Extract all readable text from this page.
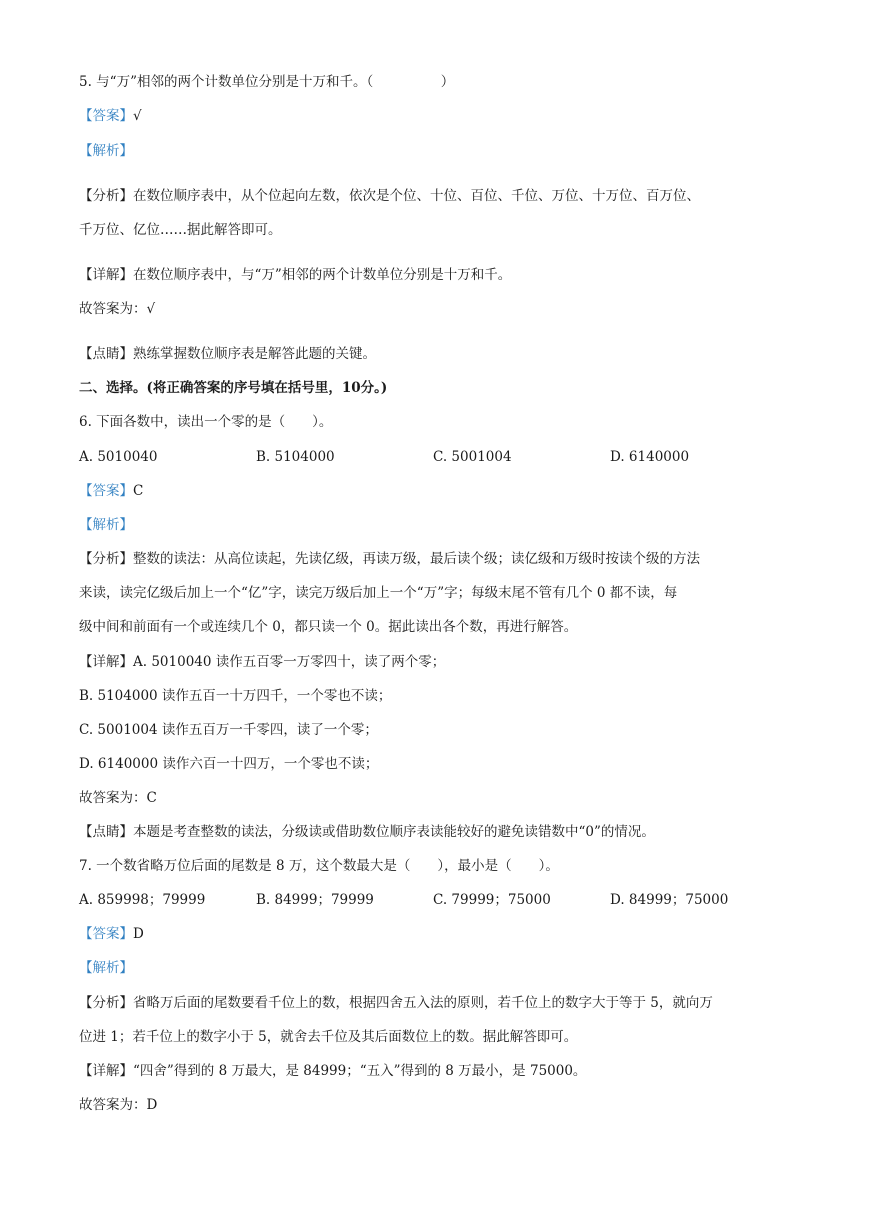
5. 与“万”相邻的两个计数单位分别是十万和千。（　　　　　）
【答案】√
【解析】
【分析】在数位顺序表中，从个位起向左数，依次是个位、十位、百位、千位、万位、十万位、百万位、
千万位、亿位……据此解答即可。
【详解】在数位顺序表中，与“万”相邻的两个计数单位分别是十万和千。
故答案为：√
【点睛】熟练掌握数位顺序表是解答此题的关键。
二、选择。(将正确答案的序号填在括号里，10分。)
6. 下面各数中，读出一个零的是（　　）。
A. 5010040	B. 5104000	C. 5001004	D. 6140000
【答案】C
【解析】
【分析】整数的读法：从高位读起，先读亿级，再读万级，最后读个级；读亿级和万级时按读个级的方法
来读，读完亿级后加上一个“亿”字，读完万级后加上一个“万”字；每级末尾不管有几个 0 都不读，每
级中间和前面有一个或连续几个 0，都只读一个 0。据此读出各个数，再进行解答。
【详解】A. 5010040 读作五百零一万零四十，读了两个零；
B. 5104000 读作五百一十万四千，一个零也不读；
C. 5001004 读作五百万一千零四，读了一个零；
D. 6140000 读作六百一十四万，一个零也不读；
故答案为：C
【点睛】本题是考查整数的读法，分级读或借助数位顺序表读能较好的避免读错数中“0”的情况。
7. 一个数省略万位后面的尾数是 8 万，这个数最大是（　　），最小是（　　）。
A. 859998；79999	B. 84999；79999	C. 79999；75000	D. 84999；75000
【答案】D
【解析】
【分析】省略万后面的尾数要看千位上的数，根据四舍五入法的原则，若千位上的数字大于等于 5，就向万
位进 1；若千位上的数字小于 5，就舍去千位及其后面数位上的数。据此解答即可。
【详解】“四舍”得到的 8 万最大，是 84999；“五入”得到的 8 万最小，是 75000。
故答案为：D
